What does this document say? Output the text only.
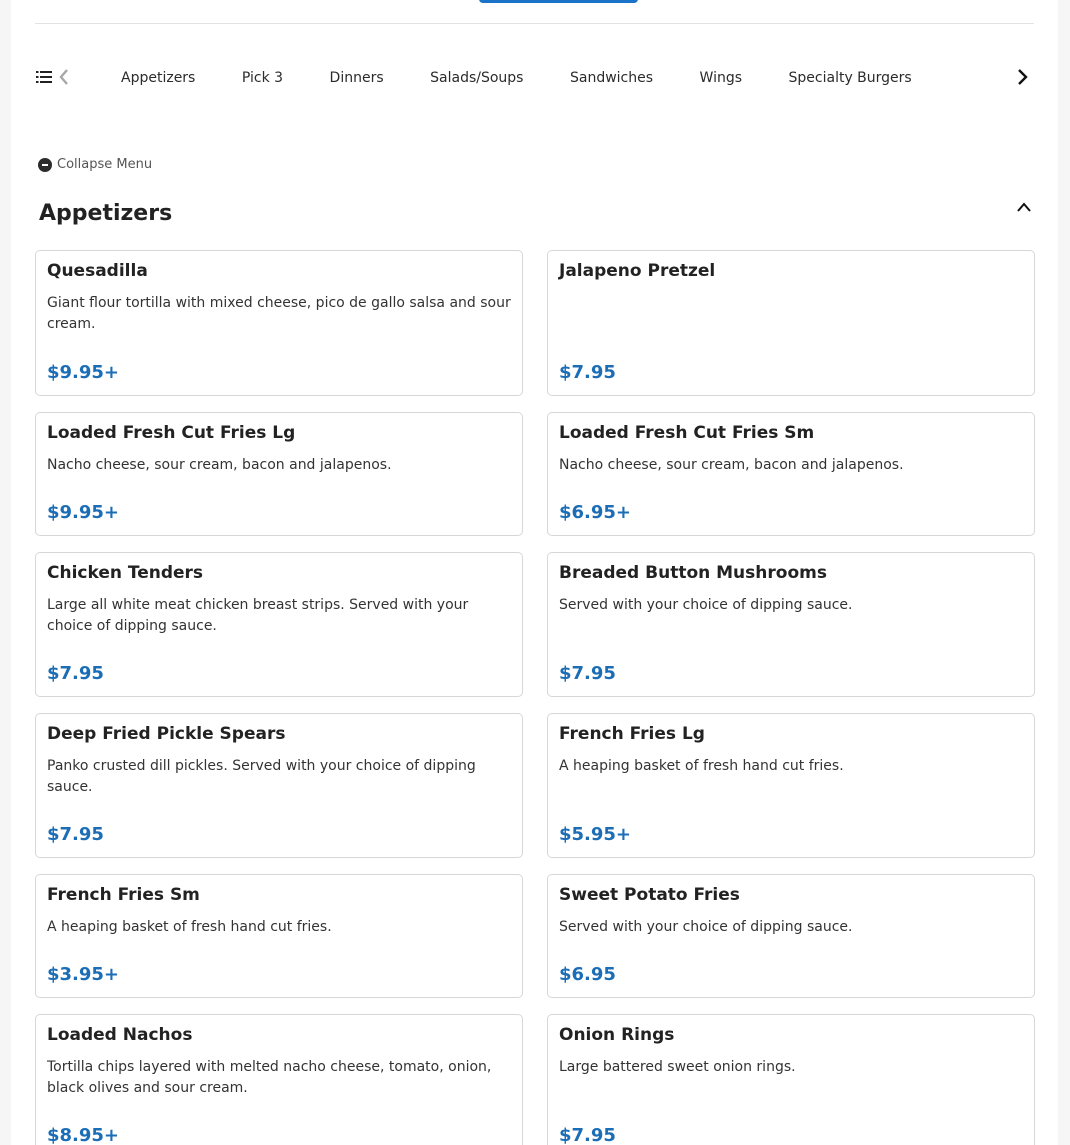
Appetizers	Pick 3	Dinners	Salads/Soups	Sandwiches	Wings	Specialty Burgers
Collapse Menu
Appetizers
Quesadilla
Giant flour tortilla with mixed cheese, pico de gallo salsa and sour cream.
$9.95+
Jalapeno Pretzel
$7.95
Loaded Fresh Cut Fries Lg
Nacho cheese, sour cream, bacon and jalapenos.
$9.95+
Loaded Fresh Cut Fries Sm
Nacho cheese, sour cream, bacon and jalapenos.
$6.95+
Chicken Tenders
Large all white meat chicken breast strips. Served with your choice of dipping sauce.
$7.95
Breaded Button Mushrooms
Served with your choice of dipping sauce.
$7.95
Deep Fried Pickle Spears
Panko crusted dill pickles. Served with your choice of dipping sauce.
$7.95
French Fries Lg
A heaping basket of fresh hand cut fries.
$5.95+
French Fries Sm
A heaping basket of fresh hand cut fries.
$3.95+
Sweet Potato Fries
Served with your choice of dipping sauce.
$6.95
Loaded Nachos
Tortilla chips layered with melted nacho cheese, tomato, onion, black olives and sour cream.
$8.95+
Onion Rings
Large battered sweet onion rings.
$7.95
